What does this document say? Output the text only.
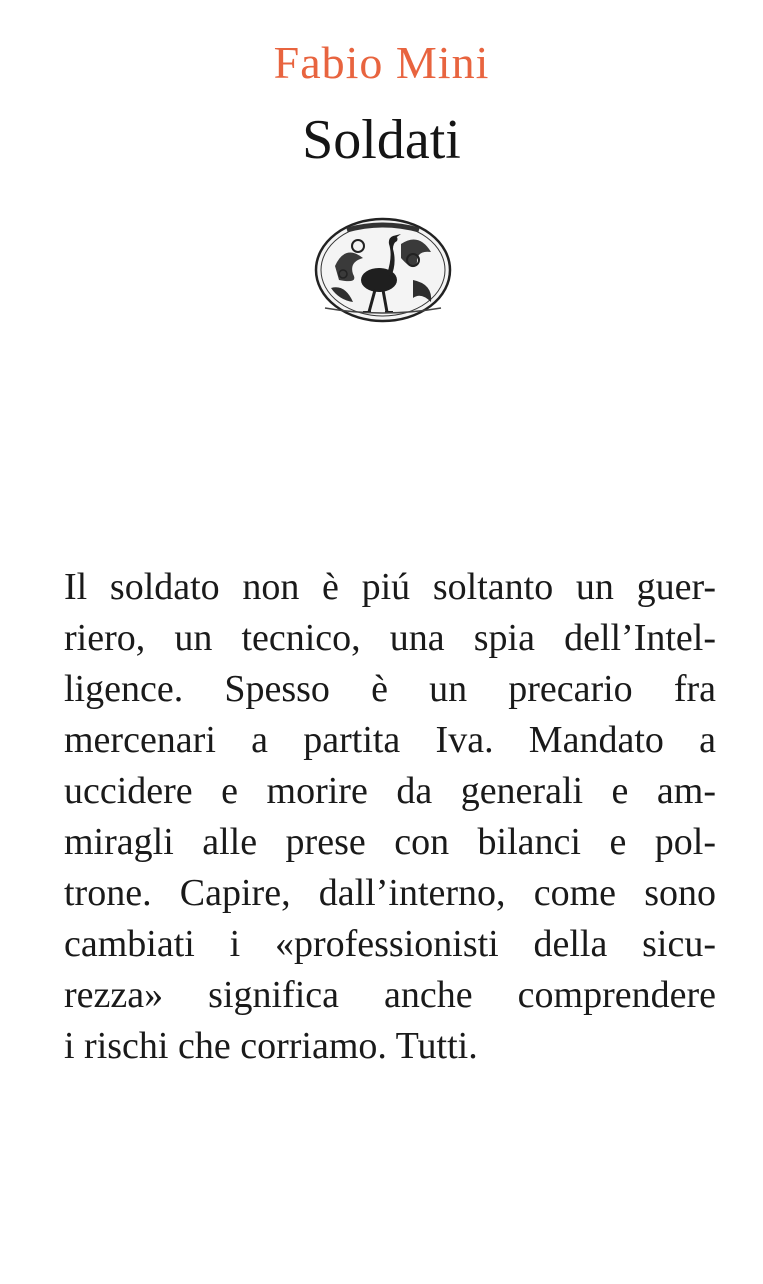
Fabio Mini
Soldati
Il soldato non è piú soltanto un guer-
riero, un tecnico, una spia dell’Intel-
ligence. Spesso è un precario fra
mercenari a partita Iva. Mandato a
uccidere e morire da generali e am-
miragli alle prese con bilanci e pol-
trone. Capire, dall’interno, come sono
cambiati i «professionisti della sicu-
rezza» significa anche comprendere
i rischi che corriamo. Tutti.
